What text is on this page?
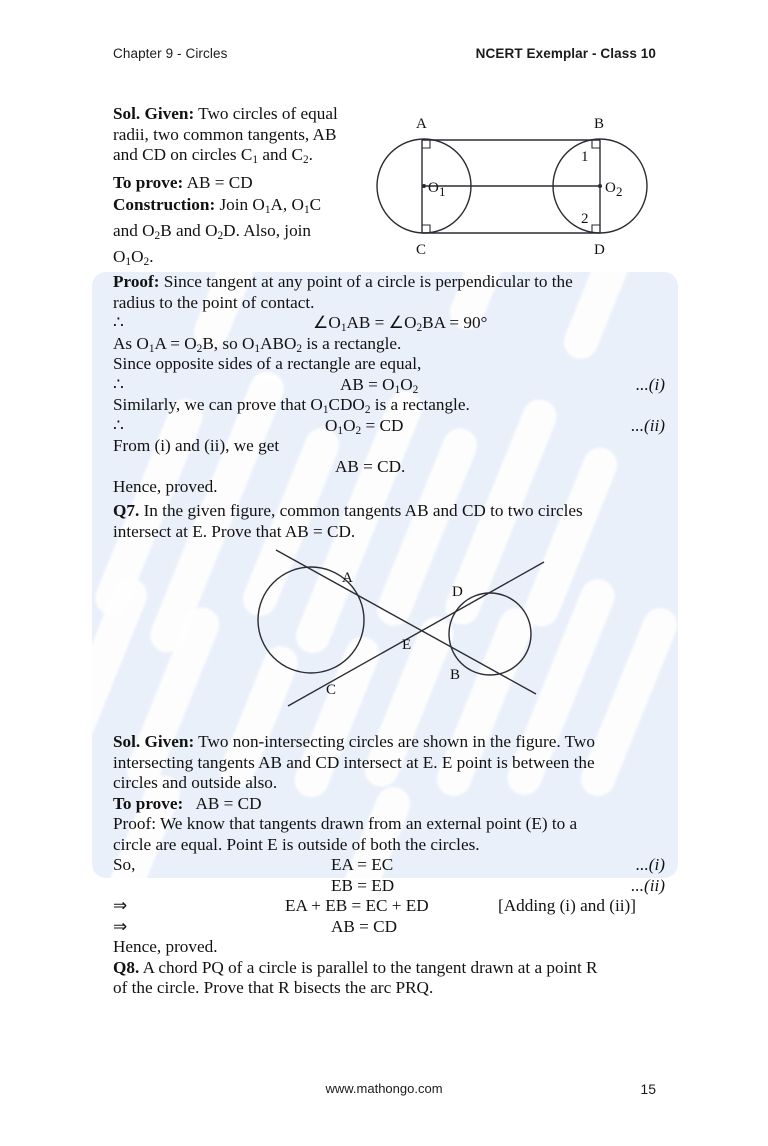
Chapter 9 - Circles	NCERT Exemplar - Class 10
Sol. Given: Two circles of equal
radii, two common tangents, AB
and CD on circles $C_1$ and $C_2$.
To prove: AB = CD
Construction: Join $O_1A$, $O_1C$
and $O_2B$ and $O_2D$. Also, join
$O_1O_2$.
A	B
C	D
O 1	O 2
1
2
Proof: Since tangent at any point of a circle is perpendicular to the
radius to the point of contact.
∴	$\angle O_1AB$ = $\angle O_2BA = 90^\circ$
As $O_1A = O_2B$, so $O_1ABO_2$ is a rectangle.
Since opposite sides of a rectangle are equal,
∴	AB = $O_1O_2$	...(i)
Similarly, we can prove that $O_1CDO_2$ is a rectangle.
∴	$O_1O_2$ = CD	...(ii)
From (i) and (ii), we get
AB = CD.
Hence, proved.
Q7. In the given figure, common tangents AB and CD to two circles
intersect at E. Prove that AB = CD.
Sol. Given: Two non-intersecting circles are shown in the figure. Two
intersecting tangents AB and CD intersect at E. E point is between the
circles and outside also.
To prove: AB = CD
Proof: We know that tangents drawn from an external point (E) to a
circle are equal. Point E is outside of both the circles.
So,	EA = EC	...(i)
EB = ED	...(ii)
⇒	EA + EB = EC + ED	[Adding (i) and (ii)]
⇒	AB = CD
Hence, proved.
Q8. A chord PQ of a circle is parallel to the tangent drawn at a point R
of the circle. Prove that R bisects the arc PRQ.
A
D
E
B
C
www.mathongo.com	15
